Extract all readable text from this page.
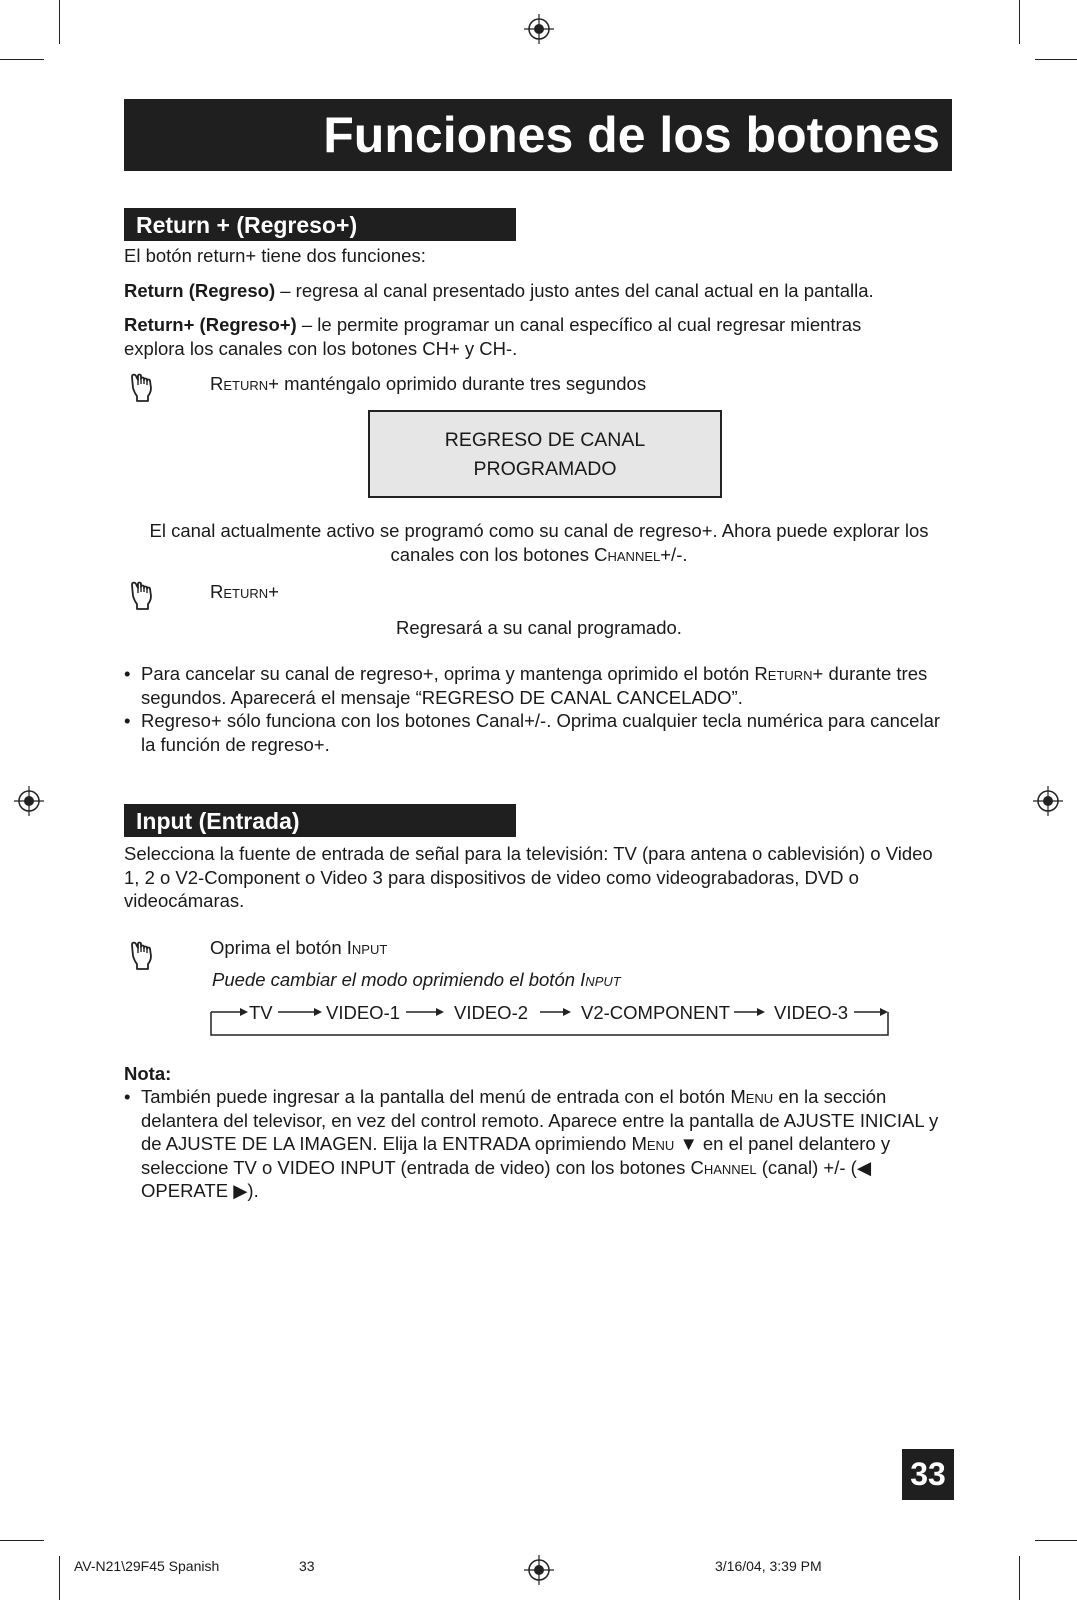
Funciones de los botones
Return + (Regreso+)
El botón return+ tiene dos funciones:
Return (Regreso) – regresa al canal presentado justo antes del canal actual en la pantalla.
Return+ (Regreso+) – le permite programar un canal específico al cual regresar mientras explora los canales con los botones CH+ y CH-.
Return+ manténgalo oprimido durante tres segundos
REGRESO DE CANAL
PROGRAMADO
El canal actualmente activo se programó como su canal de regreso+. Ahora puede explorar los canales con los botones Channel+/-.
Return+
Regresará a su canal programado.
• Para cancelar su canal de regreso+, oprima y mantenga oprimido el botón Return+ durante tres segundos. Aparecerá el mensaje “REGRESO DE CANAL CANCELADO”.
• Regreso+ sólo funciona con los botones Canal+/-. Oprima cualquier tecla numérica para cancelar la función de regreso+.
Input (Entrada)
Selecciona la fuente de entrada de señal para la televisión: TV (para antena o cablevisión) o Video 1, 2 o V2-Component o Video 3 para dispositivos de video como videograbadoras, DVD o videocámaras.
Oprima el botón Input
Puede cambiar el modo oprimiendo el botón Input
TV	VIDEO-1	VIDEO-2	V2-COMPONENT VIDEO-3
Nota:
• También puede ingresar a la pantalla del menú de entrada con el botón Menu en la sección delantera del televisor, en vez del control remoto. Aparece entre la pantalla de AJUSTE INICIAL y de AJUSTE DE LA IMAGEN. Elija la ENTRADA oprimiendo Menu ▼ en el panel delantero y seleccione TV o VIDEO INPUT (entrada de video) con los botones Channel (canal) +/- (◀ OPERATE ▶).
33
AV-N21\29F45 Spanish	33	3/16/04, 3:39 PM
